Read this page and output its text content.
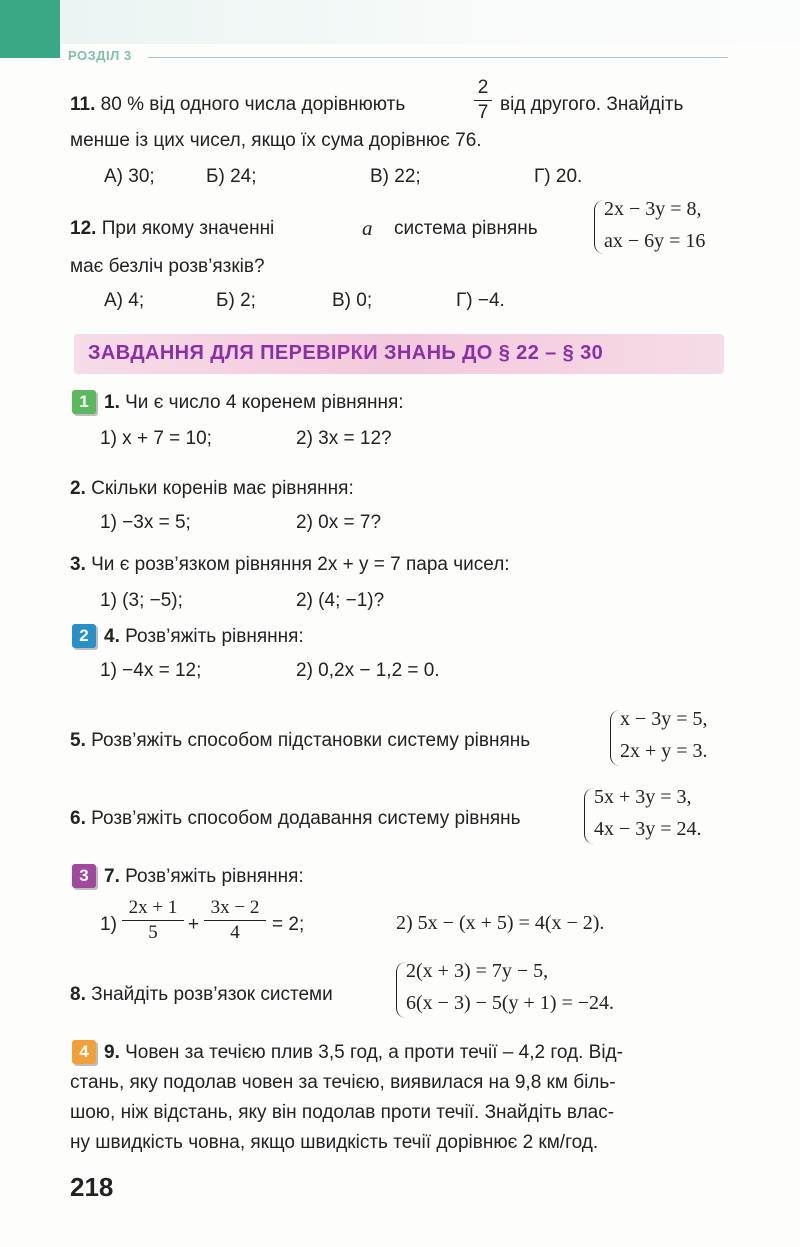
РОЗДІЛ 3
11. 80 % від одного числа дорівнюють	$\frac{2}{7}$ від другого. Знайдіть
менше із цих чисел, якщо їх сума дорівнює 76.
А) 30;	Б) 24;	В) 22;	Г) 20.
12. При якому значенні	a система рівнянь
2x − 3y = 8,
ax − 6y = 16
має безліч розв’язків?
А) 4;	Б) 2;	В) 0;	Г) −4.
ЗАВДАННЯ ДЛЯ ПЕРЕВІРКИ ЗНАНЬ ДО § 22 – § 30
1 1. Чи є число 4 коренем рівняння:
1) x + 7 = 10;	2) 3x = 12?
2. Скільки коренів має рівняння:
1) −3x = 5;	2) 0x = 7?
3. Чи є розв’язком рівняння 2x + y = 7 пара чисел:
1) (3; −5);	2) (4; −1)?
2 4. Розв’яжіть рівняння:
1) −4x = 12;	2) 0,2x − 1,2 = 0.
5. Розв’яжіть способом підстановки систему рівнянь
x − 3y = 5,
2x + y = 3.
6. Розв’яжіть способом додавання систему рівнянь
5x + 3y = 3,
4x − 3y = 24.
3 7. Розв’яжіть рівняння:
$1) \frac{2x + 1}{5} + \frac{3x - 2}{4} = 2$;	2) 5x − (x + 5) = 4(x − 2).
8. Знайдіть розв’язок системи
2(x + 3) = 7y − 5,
6(x − 3) − 5(y + 1) = −24.
4 9. Човен за течією плив 3,5 год, а проти течії – 4,2 год. Від-
стань, яку подолав човен за течією, виявилася на 9,8 км біль-
шою, ніж відстань, яку він подолав проти течії. Знайдіть влас-
ну швидкість човна, якщо швидкість течії дорівнює 2 км/год.
218
